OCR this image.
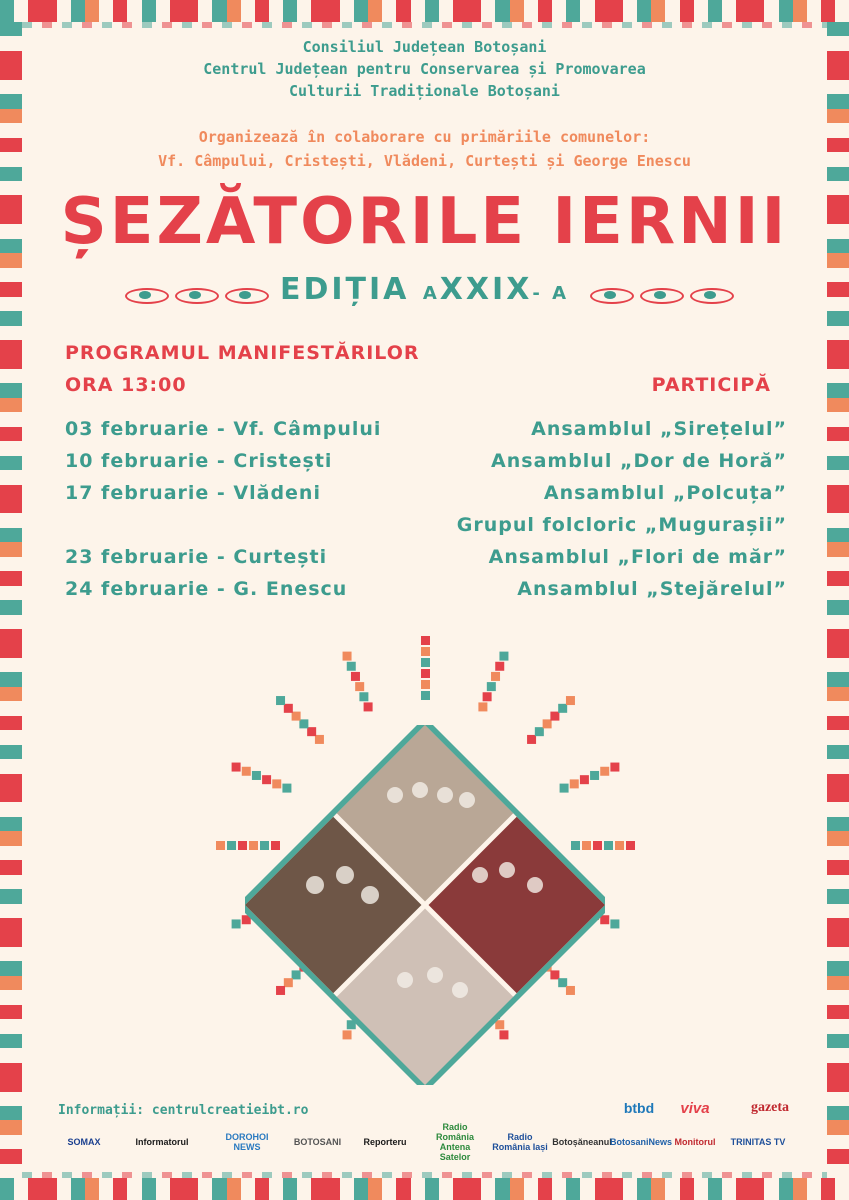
Consiliul Județean Botoșani
Centrul Județean pentru Conservarea și Promovarea
Culturii Tradiționale Botoșani
Organizează în colaborare cu primăriile comunelor:
Vf. Câmpului, Cristești, Vlădeni, Curtești și George Enescu
ȘEZĂTORILE IERNII
EDIȚIA AXXIX- A
PROGRAMUL MANIFESTĂRILOR
ORA 13:00	PARTICIPĂ
03 februarie - Vf. Câmpului	Ansamblul „Sirețelul”
10 februarie - Cristești	Ansamblul „Dor de Horă”
17 februarie - Vlădeni	Ansamblul „Polcuța”
Grupul folcloric „Mugurașii”
23 februarie - Curtești	Ansamblul „Flori de măr”
24 februarie - G. Enescu	Ansamblul „Stejărelul”
Informații: centrulcreatieibt.ro	btbd	viva	gazeta
SOMAX	Informatorul	DOROHOI NEWS	BOTOSANI	Reporteru
Radio România Antena Satelor
Radio România Iași Botoșăneanul
BotosaniNews Monitorul	TRINITAS TV
